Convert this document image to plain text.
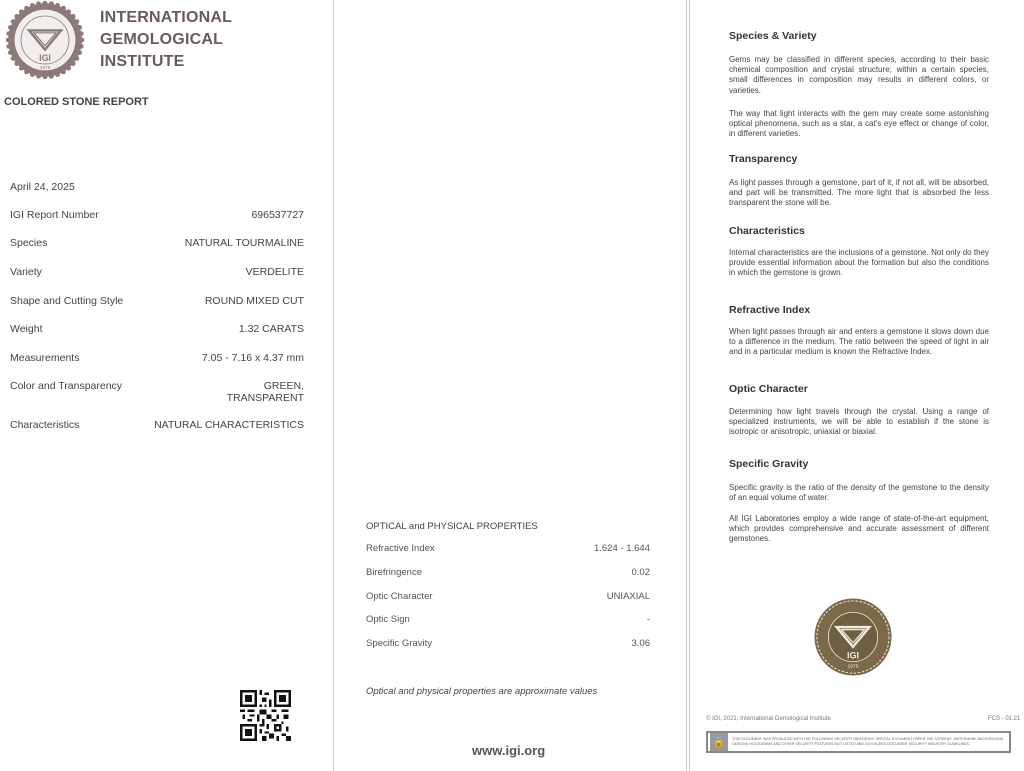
IGI
1975
INTERNATIONAL
GEMOLOGICAL
INSTITUTE
COLORED STONE REPORT
April 24, 2025
IGI Report Number	696537727
Species	NATURAL TOURMALINE
Variety	VERDELITE
Shape and Cutting Style	ROUND MIXED CUT
Weight	1.32 CARATS
Measurements	7.05 - 7.16 x 4.37 mm
Color and Transparency	GREEN,
TRANSPARENT
Characteristics	NATURAL CHARACTERISTICS
OPTICAL and PHYSICAL PROPERTIES
Refractive Index	1.624 - 1.644
Birefringence	0.02
Optic Character	UNIAXIAL
Optic Sign	-
Specific Gravity	3.06
Optical and physical properties are approximate values
www.igi.org
Species & Variety
Gems may be classified in different species, according to their basic chemical composition and crystal structure; within a certain species, small differences in composition may results in different colors, or varieties.
The way that light interacts with the gem may create some astonishing optical phenomena, such as a star, a cat's eye effect or change of color, in different varieties.
Transparency
As light passes through a gemstone, part of it, if not all, will be absorbed, and part will be transmitted. The more light that is absorbed the less transparent the stone will be.
Characteristics
Internal characteristics are the inclusions of a gemstone. Not only do they provide essential information about the formation but also the conditions in which the gemstone is grown.
Refractive Index
When light passes through air and enters a gemstone it slows down due to a difference in the medium. The ratio between the speed of light in air and in a particular medium is known the Refractive Index.
Optic Character
Determining how light travels through the crystal. Using a range of specialized instruments, we will be able to establish if the stone is isotropic or anisotropic, uniaxial or biaxial.
Specific Gravity
Specific gravity is the ratio of the density of the gemstone to the density of an equal volume of water.
All IGI Laboratories employ a wide range of state-of-the-art equipment, which provides comprehensive and accurate assessment of different gemstones.
IGI
1975
© IGI, 2021, International Gemological Institute	FCS - 01.21
🔒	THIS DOCUMENT WAS PRODUCED WITH THE FOLLOWING SECURITY MEASURES: SPECIAL DOCUMENT PAPER, INK SCREENS, WATERMARK BACKGROUND DESIGNS HOLOGRAMS AND OTHER SECURITY FEATURES NOT LISTED AND DO EXCEED DOCUMENT SECURITY INDUSTRY GUIDELINES.
